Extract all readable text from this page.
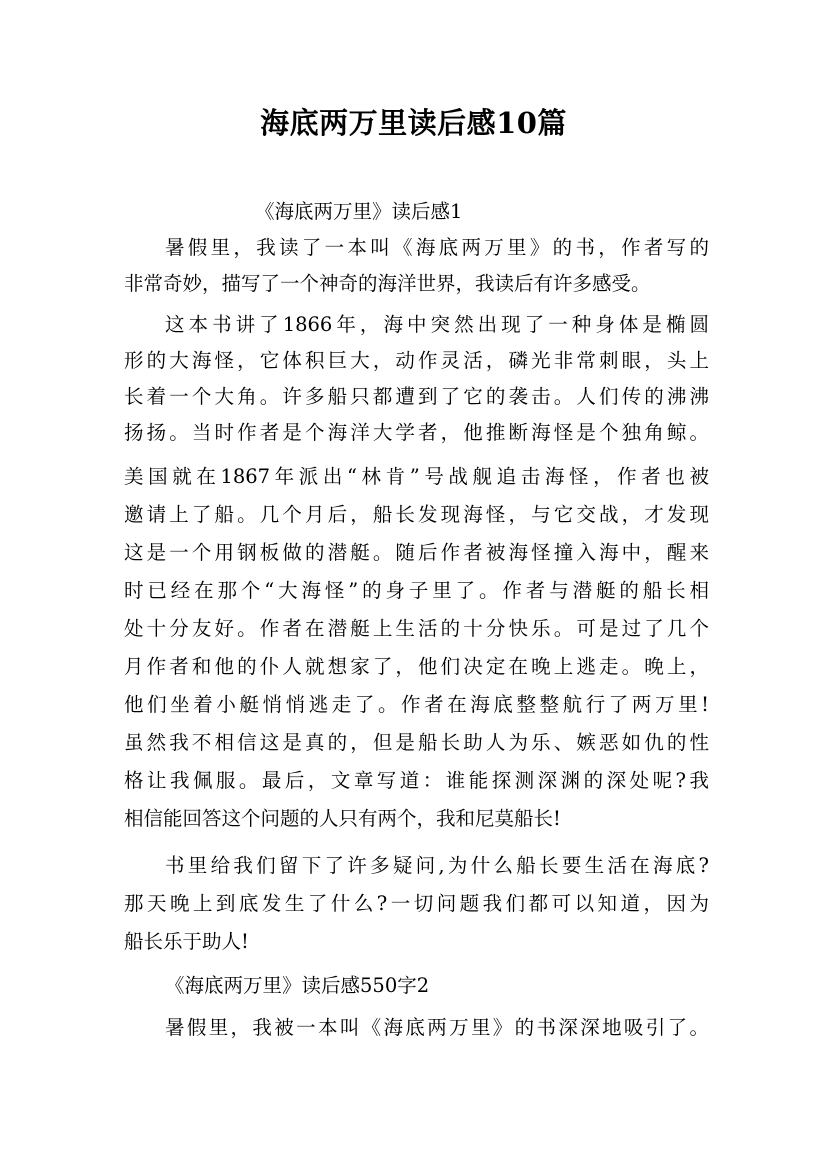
海底两万里读后感10篇

《海底两万里》读后感1

暑假里，我读了一本叫《海底两万里》的书，作者写的

非常奇妙，描写了一个神奇的海洋世界，我读后有许多感受。

这本书讲了1866年，海中突然出现了一种身体是椭圆

形的大海怪，它体积巨大，动作灵活，磷光非常刺眼，头上

长着一个大角。许多船只都遭到了它的袭击。人们传的沸沸

扬扬。当时作者是个海洋大学者，他推断海怪是个独角鲸。

美国就在1867年派出“林肯”号战舰追击海怪，作者也被

邀请上了船。几个月后，船长发现海怪，与它交战，才发现

这是一个用钢板做的潜艇。随后作者被海怪撞入海中，醒来

时已经在那个“大海怪”的身子里了。作者与潜艇的船长相

处十分友好。作者在潜艇上生活的十分快乐。可是过了几个

月作者和他的仆人就想家了，他们决定在晚上逃走。晚上，

他们坐着小艇悄悄逃走了。作者在海底整整航行了两万里!

虽然我不相信这是真的，但是船长助人为乐、嫉恶如仇的性

格让我佩服。最后，文章写道：谁能探测深渊的深处呢?我

相信能回答这个问题的人只有两个，我和尼莫船长!

书里给我们留下了许多疑问,为什么船长要生活在海底?

那天晚上到底发生了什么?一切问题我们都可以知道，因为

船长乐于助人!

《海底两万里》读后感550字2

暑假里，我被一本叫《海底两万里》的书深深地吸引了。
